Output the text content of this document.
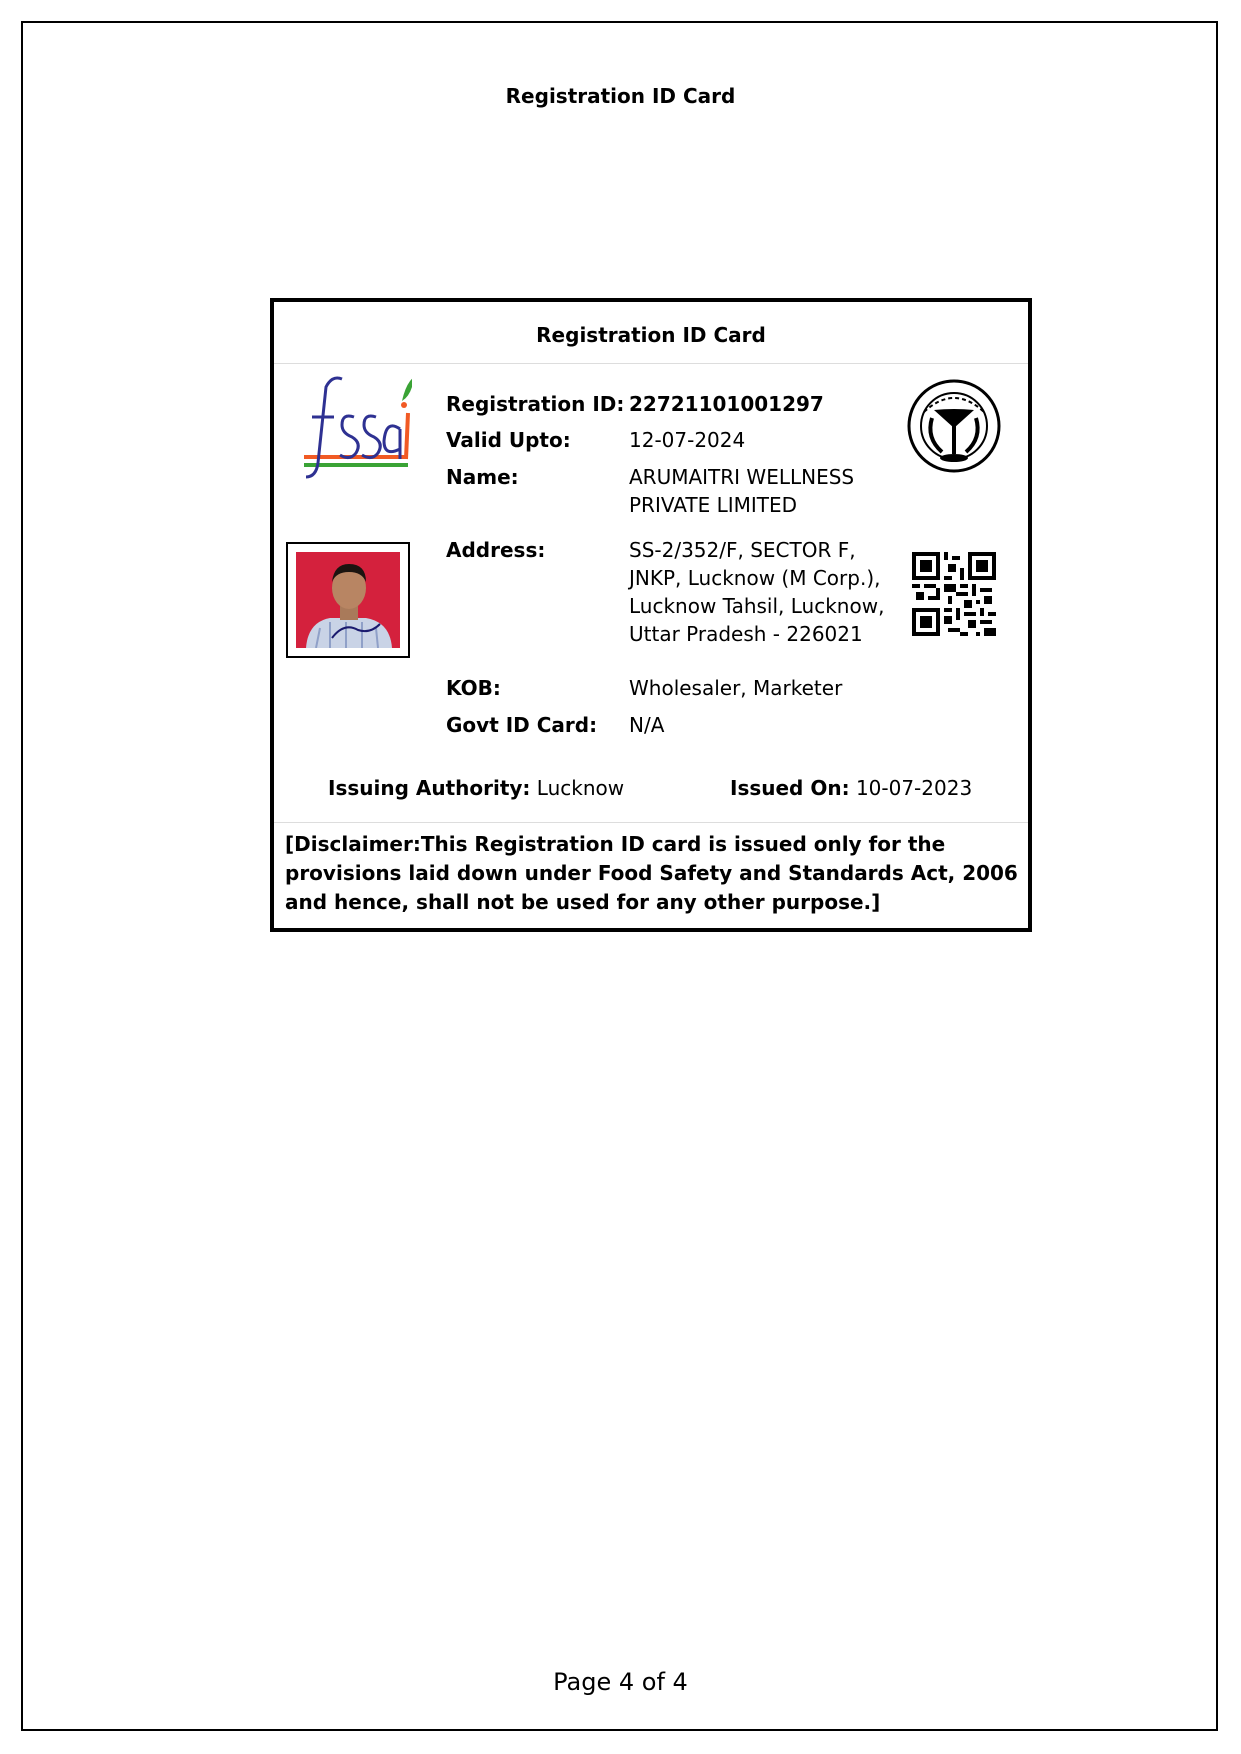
Registration ID Card
Registration ID Card
Registration ID: 22721101001297
Valid Upto:	12-07-2024
Name:	ARUMAITRI WELLNESS PRIVATE LIMITED
Address:	SS-2/352/F, SECTOR F, JNKP, Lucknow (M Corp.), Lucknow Tahsil, Lucknow, Uttar Pradesh - 226021
KOB:	Wholesaler, Marketer
Govt ID Card:	N/A
Issuing Authority: Lucknow	Issued On: 10-07-2023
[Disclaimer:This Registration ID card is issued only for the provisions laid down under Food Safety and Standards Act, 2006 and hence, shall not be used for any other purpose.]
Page 4 of 4
